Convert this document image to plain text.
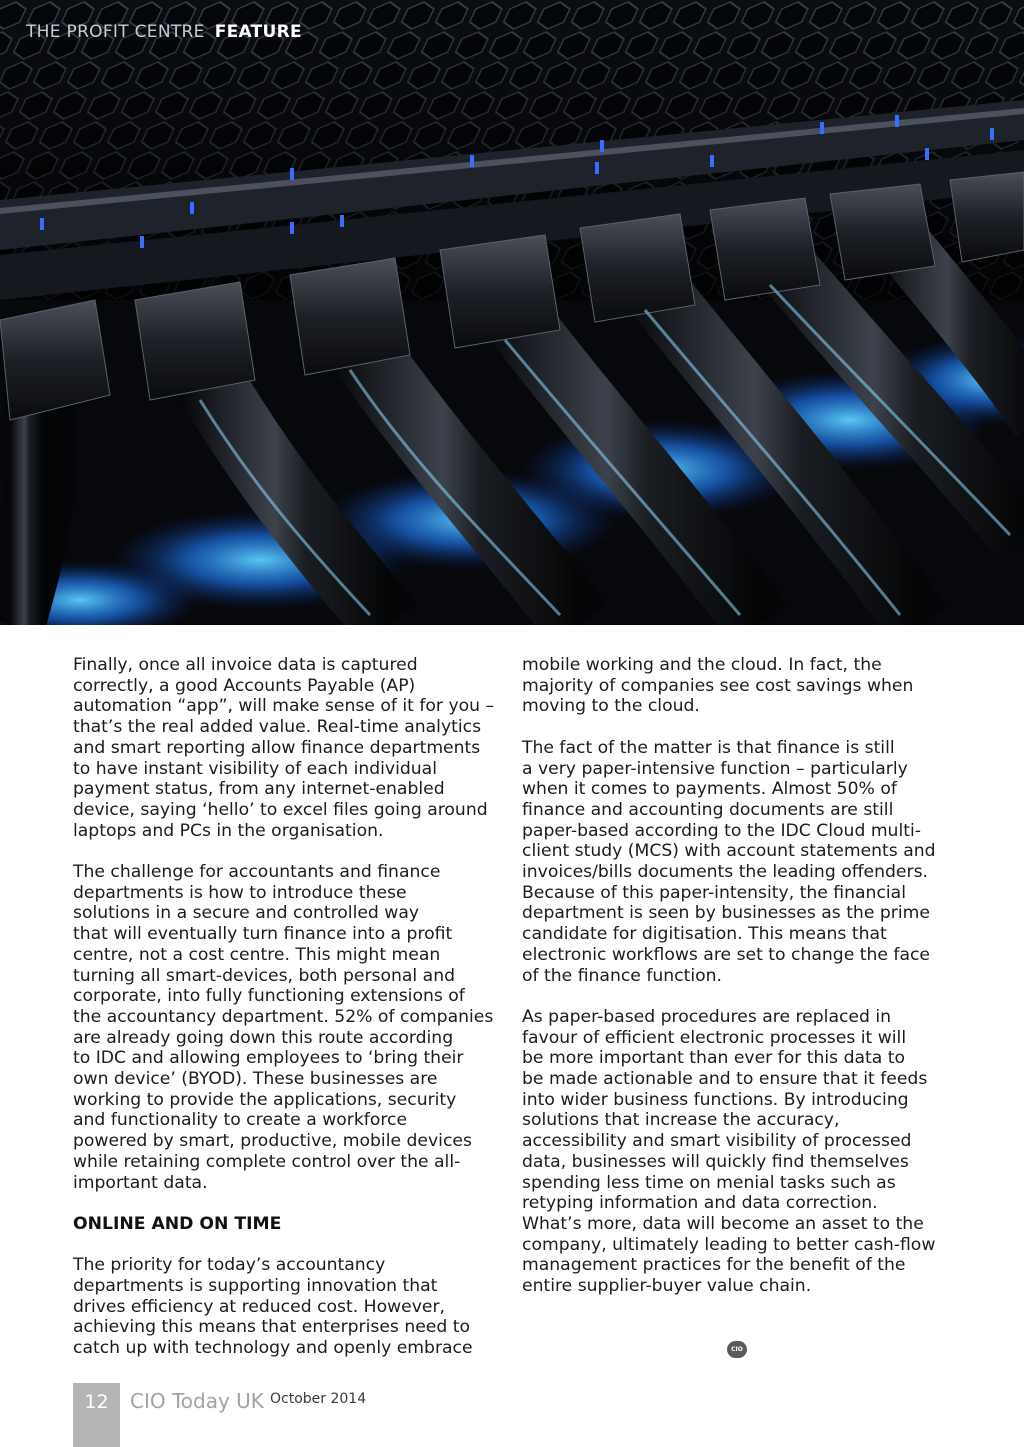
THE PROFIT CENTRE FEATURE

Finally, once all invoice data is captured
correctly, a good Accounts Payable (AP)
automation “app”, will make sense of it for you –
that’s the real added value. Real-time analytics
and smart reporting allow finance departments
to have instant visibility of each individual
payment status, from any internet-enabled
device, saying ‘hello’ to excel files going around
laptops and PCs in the organisation.

The challenge for accountants and finance
departments is how to introduce these
solutions in a secure and controlled way
that will eventually turn finance into a profit
centre, not a cost centre. This might mean
turning all smart-devices, both personal and
corporate, into fully functioning extensions of
the accountancy department. 52% of companies
are already going down this route according
to IDC and allowing employees to ‘bring their
own device’ (BYOD). These businesses are
working to provide the applications, security
and functionality to create a workforce
powered by smart, productive, mobile devices
while retaining complete control over the all-
important data.

ONLINE AND ON TIME

The priority for today’s accountancy
departments is supporting innovation that
drives efficiency at reduced cost. However,
achieving this means that enterprises need to
catch up with technology and openly embrace

mobile working and the cloud. In fact, the
majority of companies see cost savings when
moving to the cloud.

The fact of the matter is that finance is still
a very paper-intensive function – particularly
when it comes to payments. Almost 50% of
finance and accounting documents are still
paper-based according to the IDC Cloud multi-
client study (MCS) with account statements and
invoices/bills documents the leading offenders.
Because of this paper-intensity, the financial
department is seen by businesses as the prime
candidate for digitisation. This means that
electronic workflows are set to change the face
of the finance function.

As paper-based procedures are replaced in
favour of efficient electronic processes it will
be more important than ever for this data to
be made actionable and to ensure that it feeds
into wider business functions. By introducing
solutions that increase the accuracy,
accessibility and smart visibility of processed
data, businesses will quickly find themselves
spending less time on menial tasks such as
retyping information and data correction.
What’s more, data will become an asset to the
company, ultimately leading to better cash-flow
management practices for the benefit of the
entire supplier-buyer value chain.

CIO
12	CIO Today UK October 2014
